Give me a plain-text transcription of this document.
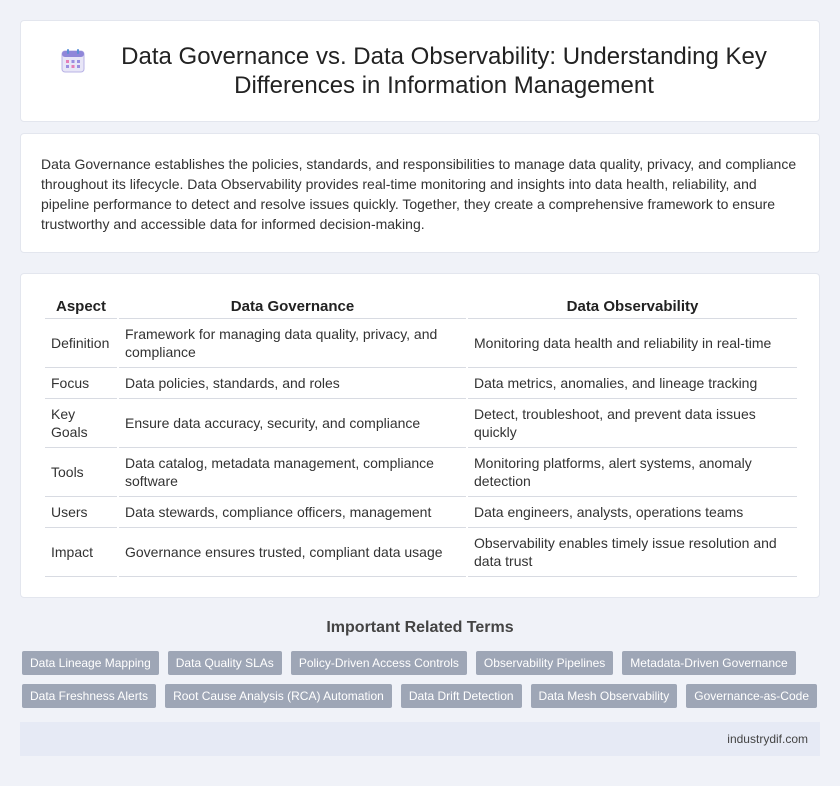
Data Governance vs. Data Observability: Understanding Key Differences in Information Management

Data Governance establishes the policies, standards, and responsibilities to manage data quality, privacy, and compliance throughout its lifecycle. Data Observability provides real-time monitoring and insights into data health, reliability, and pipeline performance to detect and resolve issues quickly. Together, they create a comprehensive framework to ensure trustworthy and accessible data for informed decision-making.

Aspect	Data Governance	Data Observability
Definition	Framework for managing data quality, privacy, and compliance	Monitoring data health and reliability in real-time
Focus	Data policies, standards, and roles	Data metrics, anomalies, and lineage tracking
Key Goals	Ensure data accuracy, security, and compliance	Detect, troubleshoot, and prevent data issues quickly
Tools	Data catalog, metadata management, compliance software	Monitoring platforms, alert systems, anomaly detection
Users	Data stewards, compliance officers, management	Data engineers, analysts, operations teams
Impact	Governance ensures trusted, compliant data usage	Observability enables timely issue resolution and data trust
Important Related Terms
Data Lineage Mapping	Data Quality SLAs	Policy-Driven Access Controls	Observability Pipelines	Metadata-Driven Governance
Data Freshness Alerts	Root Cause Analysis (RCA) Automation	Data Drift Detection	Data Mesh Observability	Governance-as-Code
industrydif.com
